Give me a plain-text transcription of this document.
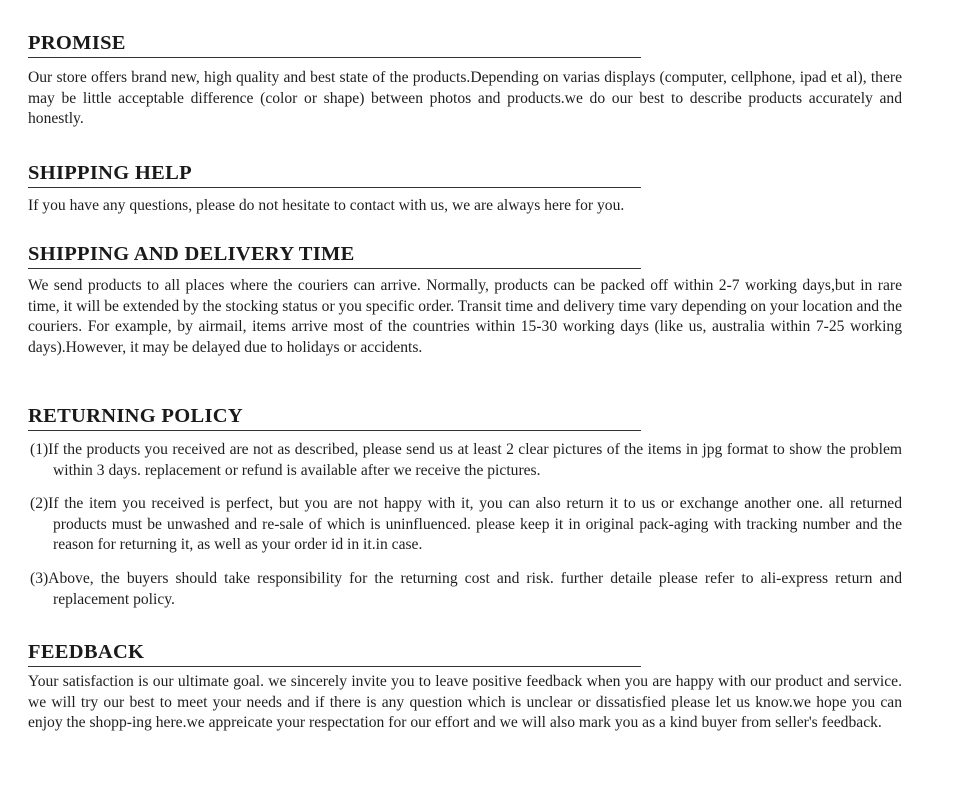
PROMISE

Our store offers brand new, high quality and best state of the products.Depending on varias displays (computer, cellphone, ipad et al), there may be little acceptable difference (color or shape) between photos and products.we do our best to describe products accurately and honestly.

SHIPPING HELP

If you have any questions, please do not hesitate to contact with us, we are always here for you.

SHIPPING AND DELIVERY TIME

We send products to all places where the couriers can arrive. Normally, products can be packed off within 2-7 working days,but in rare time, it will be extended by the stocking status or you specific order. Transit time and delivery time vary depending on your location and the couriers. For example, by airmail, items arrive most of the countries within 15-30 working days (like us, australia within 7-25 working days).However, it may be delayed due to holidays or accidents.

RETURNING POLICY

(1)If the products you received are not as described, please send us at least 2 clear pictures of the items in jpg format to show the problem within 3 days. replacement or refund is available after we receive the pictures.

(2)If the item you received is perfect, but you are not happy with it, you can also return it to us or exchange another one. all returned products must be unwashed and re-sale of which is uninfluenced. please keep it in original pack-aging with tracking number and the reason for returning it, as well as your order id in it.in case.

(3)Above, the buyers should take responsibility for the returning cost and risk. further detaile please refer to ali-express return and replacement policy.

FEEDBACK

Your satisfaction is our ultimate goal. we sincerely invite you to leave positive feedback when you are happy with our product and service. we will try our best to meet your needs and if there is any question which is unclear or dissatisfied please let us know.we hope you can enjoy the shopp-ing here.we appreicate your respectation for our effort and we will also mark you as a kind buyer from seller's feedback.
